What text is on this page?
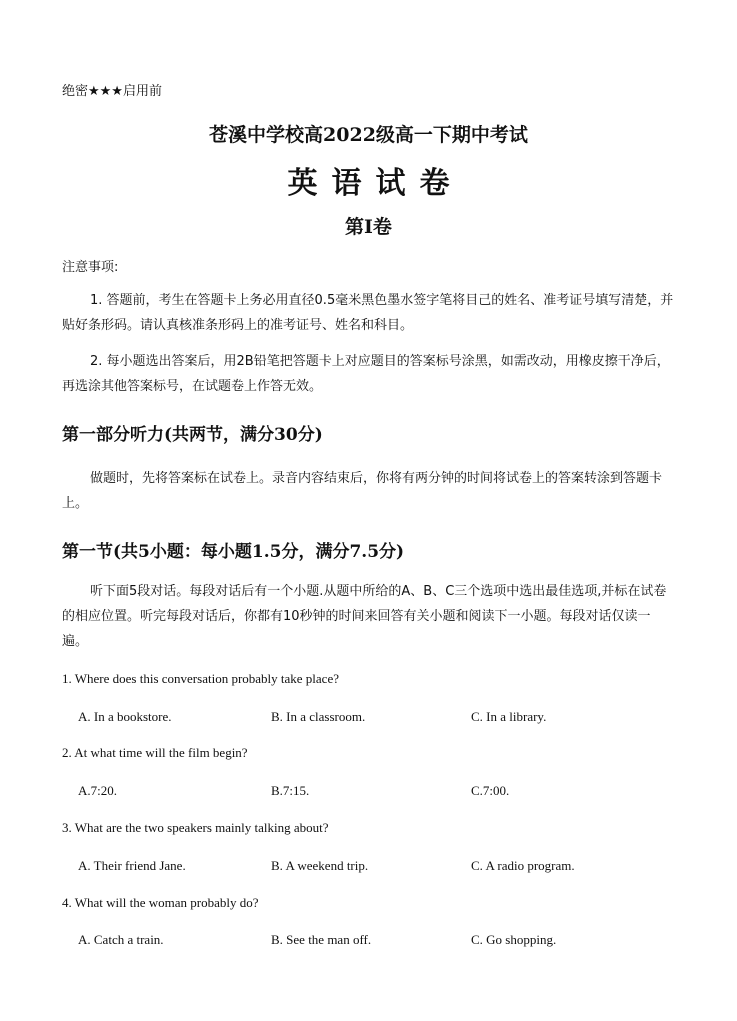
绝密★★★启用前

苍溪中学校高2022级高一下期中考试
英语试卷
第Ⅰ卷

注意事项:

1. 答题前，考生在答题卡上务必用直径0.5毫米黑色墨水签字笔将目己的姓名、准考证号填写清楚，并贴好条形码。请认真核准条形码上的准考证号、姓名和科目。

2. 每小题选出答案后，用2B铅笔把答题卡上对应题目的答案标号涂黑，如需改动，用橡皮擦干净后，再选涂其他答案标号，在试题卷上作答无效。

第一部分听力(共两节，满分30分)

做题时，先将答案标在试卷上。录音内容结束后，你将有两分钟的时间将试卷上的答案转涂到答题卡上。

第一节(共5小题：每小题1.5分，满分7.5分)

听下面5段对话。每段对话后有一个小题.从题中所给的A、B、C三个选项中选出最佳选项,并标在试卷的相应位置。听完每段对话后，你都有10秒钟的时间来回答有关小题和阅读下一小题。每段对话仅读一遍。

1. Where does this conversation probably take place?

A. In a bookstore.	B. In a classroom.	C. In a library.

2. At what time will the film begin?

A.7:20.	B.7:15.	C.7:00.

3. What are the two speakers mainly talking about?

A. Their friend Jane.	B. A weekend trip.	C. A radio program.

4. What will the woman probably do?

A. Catch a train.	B. See the man off.	C. Go shopping.
